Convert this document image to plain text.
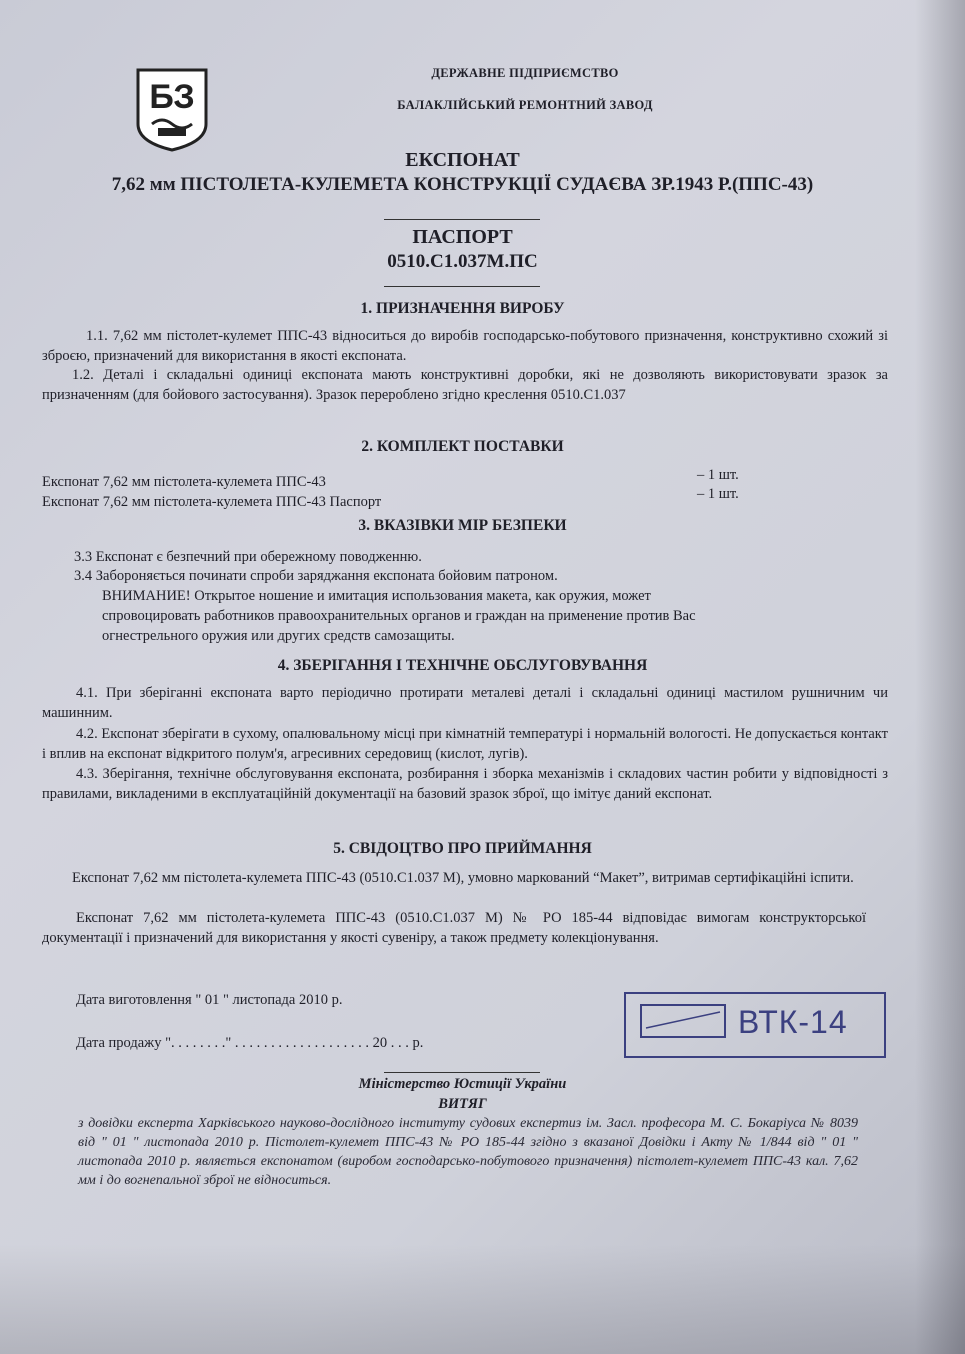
БЗ
ДЕРЖАВНЕ ПІДПРИЄМСТВО
БАЛАКЛІЙСЬКИЙ РЕМОНТНИЙ ЗАВОД
ЕКСПОНАТ
7,62 мм ПІСТОЛЕТА-КУЛЕМЕТА КОНСТРУКЦІЇ СУДАЄВА ЗР.1943 Р.(ППС-43)
ПАСПОРТ
0510.С1.037М.ПС
1. ПРИЗНАЧЕННЯ ВИРОБУ
1.1. 7,62 мм пістолет-кулемет ППС-43 відноситься до виробів господарсько-побутового призначення, конструктивно схожий зі зброєю, призначений для використання в якості експоната.
1.2. Деталі і складальні одиниці експоната мають конструктивні доробки, які не дозволяють використовувати зразок за призначенням (для бойового застосування). Зразок перероблено згідно креслення 0510.С1.037
2. КОМПЛЕКТ ПОСТАВКИ
Експонат 7,62 мм пістолета-кулемета ППС-43	– 1 шт.
Експонат 7,62 мм пістолета-кулемета ППС-43 Паспорт	– 1 шт.
3. ВКАЗІВКИ МІР БЕЗПЕКИ
3.3 Експонат є безпечний при обережному поводженню.
3.4 Забороняється починати спроби заряджання експоната бойовим патроном.
ВНИМАНИЕ! Открытое ношение и имитация использования макета, как оружия, может
спровоцировать работников правоохранительных органов и граждан на применение против Вас
огнестрельного оружия или других средств самозащиты.
4. ЗБЕРІГАННЯ І ТЕХНІЧНЕ ОБСЛУГОВУВАННЯ
4.1. При зберіганні експоната варто періодично протирати металеві деталі і складальні одиниці мастилом рушничним чи машинним.
4.2. Експонат зберігати в сухому, опалювальному місці при кімнатній температурі і нормальній вологості. Не допускається контакт і вплив на експонат відкритого полум'я, агресивних середовищ (кислот, лугів).
4.3. Зберігання, технічне обслуговування експоната, розбирання і зборка механізмів і складових частин робити у відповідності з правилами, викладеними в експлуатаційній документації на базовий зразок зброї, що імітує даний експонат.
5. СВІДОЦТВО ПРО ПРИЙМАННЯ
Експонат 7,62 мм пістолета-кулемета ППС-43 (0510.С1.037 М), умовно маркований “Макет”, витримав сертифікаційні іспити.
Експонат 7,62 мм пістолета-кулемета ППС-43 (0510.С1.037 М) № РО 185-44 відповідає вимогам конструкторської документації і призначений для використання у якості сувеніру, а також предмету колекціонування.
Дата виготовлення " 01 " листопада 2010 р.
Дата продажу ". . . . . . . ." . . . . . . . . . . . . . . . . . . . 20 . . . р.
ВТК-14
Міністерство Юстиції України
ВИТЯГ
з довідки експерта Харківського науково-дослідного інституту судових експертиз ім. Засл. професора М. С. Бокаріуса № 8039 від " 01 " листопада 2010 р. Пістолет-кулемет ППС-43 № РО 185-44 згідно з вказаної Довідки і Акту № 1/844 від " 01 " листопада 2010 р. являється експонатом (виробом господарсько-побутового призначення) пістолет-кулемет ППС-43 кал. 7,62 мм і до вогнепальної зброї не відноситься.
